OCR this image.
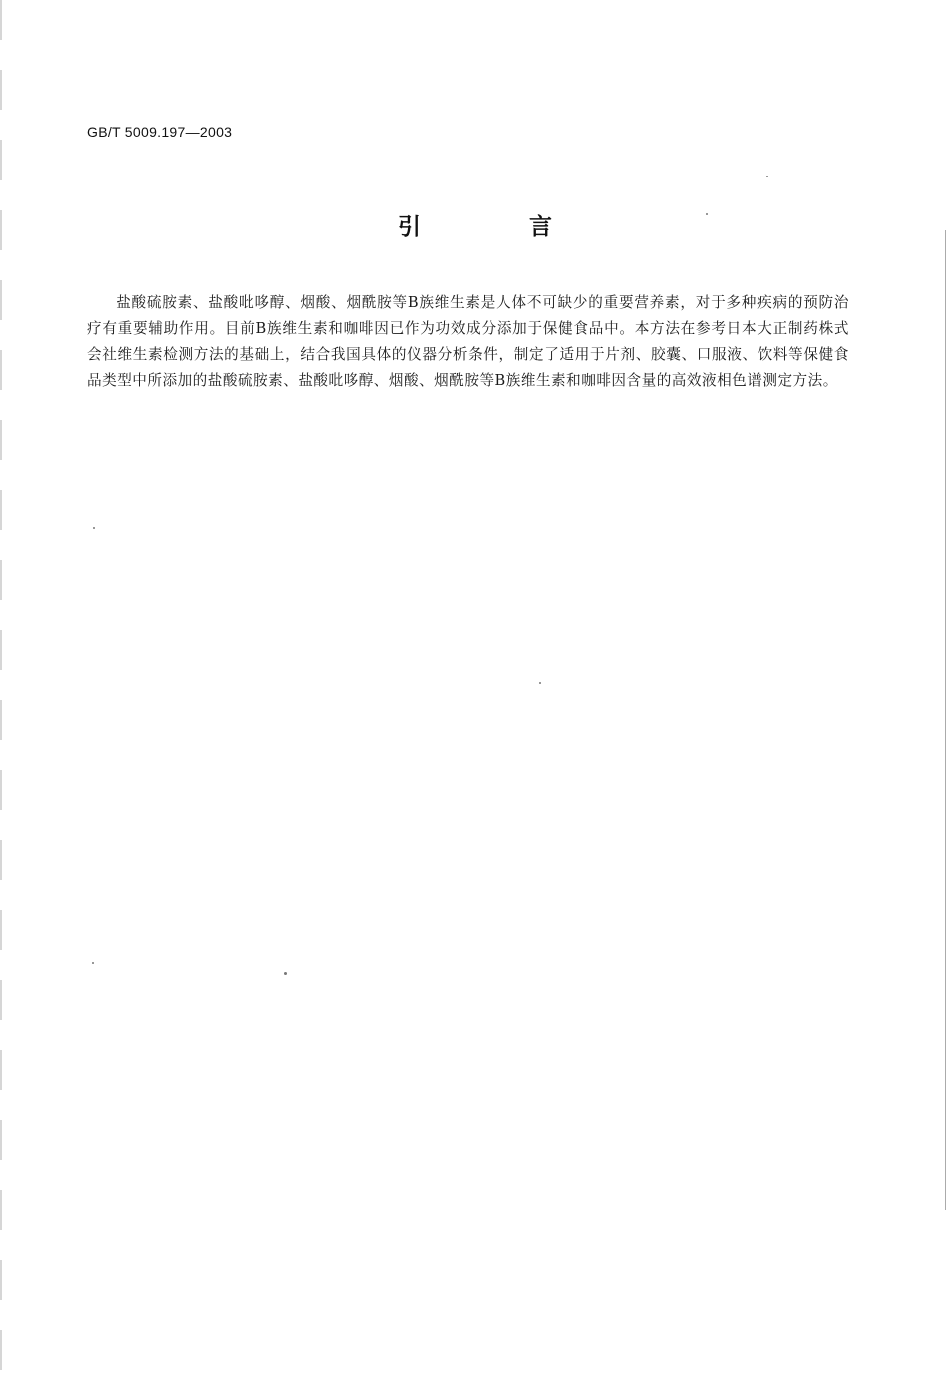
GB/T 5009.197—2003
引 言

盐酸硫胺素、盐酸吡哆醇、烟酸、烟酰胺等B族维生素是人体不可缺少的重要营养素，对于多种疾病的预防治疗有重要辅助作用。目前B族维生素和咖啡因已作为功效成分添加于保健食品中。本方法在参考日本大正制药株式会社维生素检测方法的基础上，结合我国具体的仪器分析条件，制定了适用于片剂、胶囊、口服液、饮料等保健食品类型中所添加的盐酸硫胺素、盐酸吡哆醇、烟酸、烟酰胺等B族维生素和咖啡因含量的高效液相色谱测定方法。
